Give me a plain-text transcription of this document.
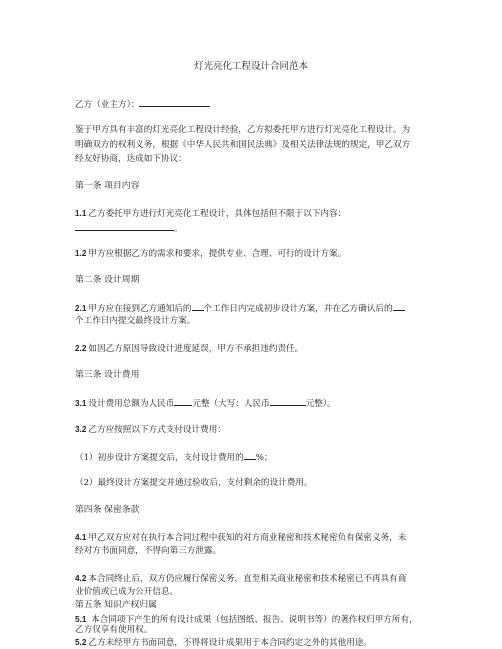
灯光亮化工程设计合同范本

乙方（业主方）：

鉴于甲方具有丰富的灯光亮化工程设计经验，乙方拟委托甲方进行灯光亮化工程设计。为

明确双方的权利义务，根据《中华人民共和国民法典》及相关法律法规的规定，甲乙双方

经友好协商，达成如下协议：

第一条 项目内容

1.1 乙方委托甲方进行灯光亮化工程设计，具体包括但不限于以下内容：

。

1.2 甲方应根据乙方的需求和要求，提供专业、合理、可行的设计方案。

第二条 设计周期

2.1 甲方应在接到乙方通知后的 个工作日内完成初步设计方案，并在乙方确认后的

个工作日内提交最终设计方案。

2.2 如因乙方原因导致设计进度延误，甲方不承担违约责任。

第三条 设计费用

3.1 设计费用总额为人民币 元整（大写：人民币	元整）。

3.2 乙方应按照以下方式支付设计费用：

（1）初步设计方案提交后，支付设计费用的 %；

（2）最终设计方案提交并通过验收后，支付剩余的设计费用。

第四条 保密条款

4.1 甲乙双方应对在执行本合同过程中获知的对方商业秘密和技术秘密负有保密义务，未

经对方书面同意，不得向第三方泄露。

4.2 本合同终止后，双方仍应履行保密义务，直至相关商业秘密和技术秘密已不再具有商

业价值或已成为公开信息。

第五条 知识产权归属

5.1 本合同项下产生的所有设计成果（包括图纸、报告、说明书等）的著作权归甲方所有，

乙方仅享有使用权。

5.2 乙方未经甲方书面同意，不得将设计成果用于本合同约定之外的其他用途。
